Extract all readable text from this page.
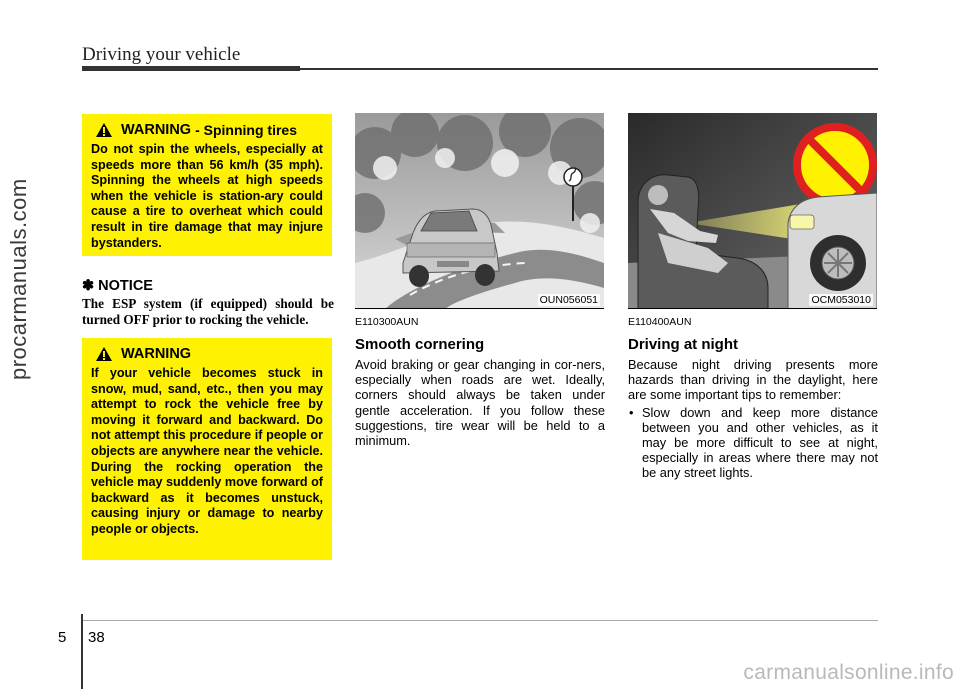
Driving your vehicle
procarmanuals.com
carmanualsonline.info
WARNING - Spinning tires
Do not spin the wheels, especially at speeds more than 56 km/h (35 mph). Spinning the wheels at high speeds when the vehicle is station-ary could cause a tire to overheat which could result in tire damage that may injure bystanders.
✽ NOTICE
The ESP system (if equipped) should be turned OFF prior to rocking the vehicle.
WARNING
If your vehicle becomes stuck in snow, mud, sand, etc., then you may attempt to rock the vehicle free by moving it forward and backward. Do not attempt this procedure if people or objects are anywhere near the vehicle. During the rocking operation the vehicle may suddenly move forward of backward as it becomes unstuck, causing injury or damage to nearby people or objects.
OUN056051	OCM053010
E110300AUN
Smooth cornering
Avoid braking or gear changing in cor-ners, especially when roads are wet. Ideally, corners should always be taken under gentle acceleration. If you follow these suggestions, tire wear will be held to a minimum.
E110400AUN
Driving at night
Because night driving presents more hazards than driving in the daylight, here are some important tips to remember:
• Slow down and keep more distance between you and other vehicles, as it may be more difficult to see at night, especially in areas where there may not be any street lights.
5 38
